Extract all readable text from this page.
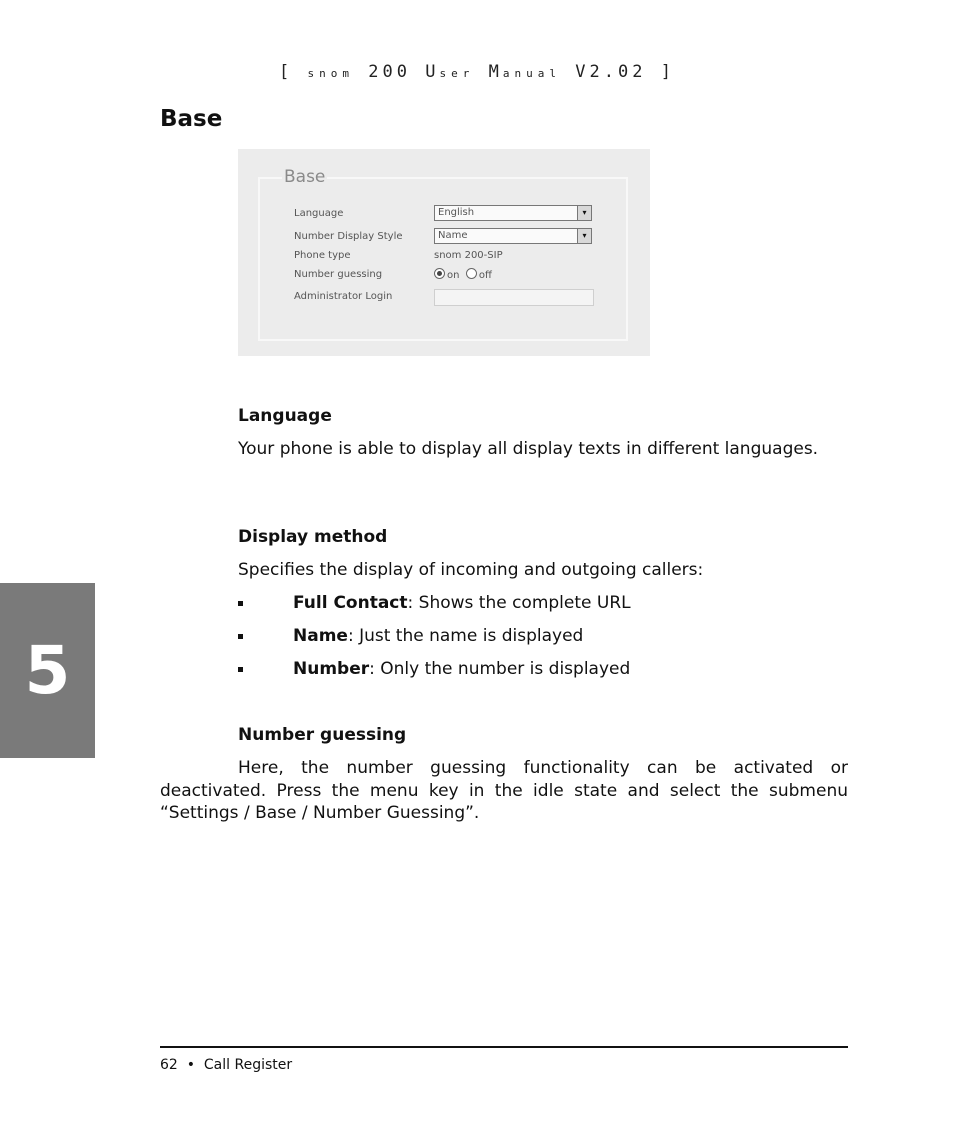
[ snom 200 User Manual V2.02 ]
Base
Base
Language	English	▾
Number Display Style	Name	▾
Phone type	snom 200-SIP
Number guessing	on off
Administrator Login
Language
Your phone is able to display all display texts in different languages.
Display method
Specifies the display of incoming and outgoing callers:
Full Contact: Shows the complete URL
Name: Just the name is displayed
Number: Only the number is displayed
Number guessing
Here, the number guessing functionality can be activated or deactivated. Press the menu key in the idle state and select the submenu “Settings / Base / Number Guessing”.
5
62 • Call Register
